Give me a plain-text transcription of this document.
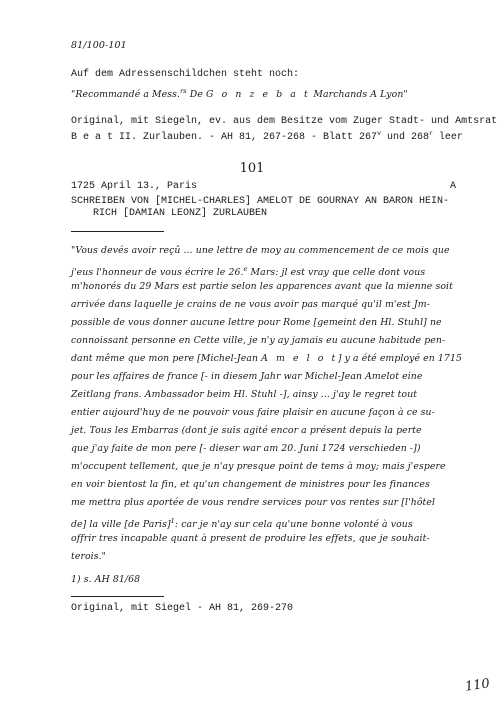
81/100-101
Auf dem Adressenschildchen steht noch:
"Recommandé a Mess.$^{rs}$ De G o n z e b a t Marchands A Lyon"
Original, mit Siegeln, ev. aus dem Besitze vom Zuger Stadt- und Amtsrat
B e a t II. Zurlauben. - AH 81, 267-268 - Blatt 267$^v$ und 268$^r$ leer
101
1725 April 13., Paris	A
SCHREIBEN VON [MICHEL-CHARLES] AMELOT DE GOURNAY AN BARON HEIN-
RICH [DAMIAN LEONZ] ZURLAUBEN
"Vous devés avoir reçû ... une lettre de moy au commencement de ce mois que
j'eus l'honneur de vous écrire le 26.$^e$ Mars: jl est vray que celle dont vous
m'honorés du 29 Mars est partie selon les apparences avant que la mienne soit
arrivée dans laquelle je crains de ne vous avoir pas marqué qu'il m'est Jm-
possible de vous donner aucune lettre pour Rome [gemeint den Hl. Stuhl] ne
connoissant personne en Cette ville, je n'y ay jamais eu aucune habitude pen-
dant même que mon pere [Michel-Jean A m e l o t] y a été employé en 1715
pour les affaires de france [- in diesem Jahr war Michel-Jean Amelot eine
Zeitlang frans. Ambassador beim Hl. Stuhl -], ainsy ... j'ay le regret tout
entier aujourd'huy de ne pouvoir vous faire plaisir en aucune façon à ce su-
jet. Tous les Embarras (dont je suis agité encor a présent depuis la perte
que j'ay faite de mon pere [- dieser war am 20. Juni 1724 verschieden -])
m'occupent tellement, que je n'ay presque point de tems à moy; mais j'espere
en voir bientost la fin, et qu'un changement de ministres pour les finances
me mettra plus aportée de vous rendre services pour vos rentes sur [l'hôtel
de] la ville [de Paris]$^1$: car je n'ay sur cela qu'une bonne volonté à vous
offrir tres incapable quant à present de produire les effets, que je souhait-
terois."
1) s. AH 81/68
Original, mit Siegel - AH 81, 269-270
110
